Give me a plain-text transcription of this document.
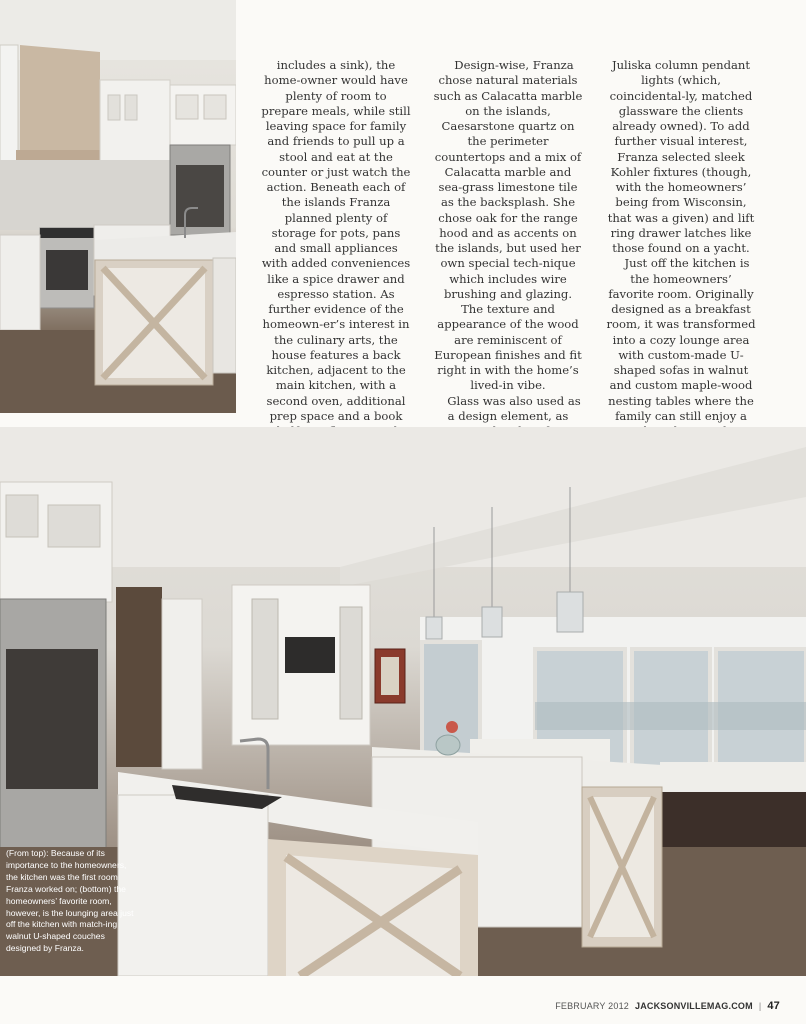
includes a sink), the home-owner would have plenty of room to prepare meals, while still leaving space for family and friends to pull up a stool and eat at the counter or just watch the action. Beneath each of the islands Franza planned plenty of storage for pots, pans and small appliances with added conveniences like a spice drawer and espresso station. As further evidence of the homeown-er’s interest in the culinary arts, the house features a back kitchen, adjacent to the main kitchen, with a second oven, additional prep space and a book

Design-wise, Franza chose natural materials such as Calacatta marble on the islands, Caesarstone quartz on the perimeter countertops and a mix of Calacatta marble and sea-grass limestone tile as the backsplash. She chose oak for the range hood and as accents on the islands, but used her own special tech-nique which includes wire brushing and glazing. The texture and appearance of the wood are reminiscent of European finishes and fit right in with the home’s lived-in vibe.

Glass was also used as a design element, as

Juliska column pendant lights (which, coincidental-ly, matched glassware the clients already owned). To add further visual interest, Franza selected sleek Kohler fixtures (though, with the homeowners’ being from Wisconsin, that was a given) and lift ring drawer latches like those found on a yacht.

Just off the kitchen is the homeowners’ favorite room. Originally designed as a breakfast room, it was transformed into a cozy lounge area with custom-made U-shaped sofas in walnut and custom maple-wood nesting tables where the family can still enjoy a

(From top): Because of its importance to the homeowners, the kitchen was the first room Franza worked on; (bottom) the homeowners’ favorite room, however, is the lounging area just off the kitchen with match-ing walnut U-shaped couches designed by Franza.
FEBRUARY 2012 JACKSONVILLEMAG.COM | 47
